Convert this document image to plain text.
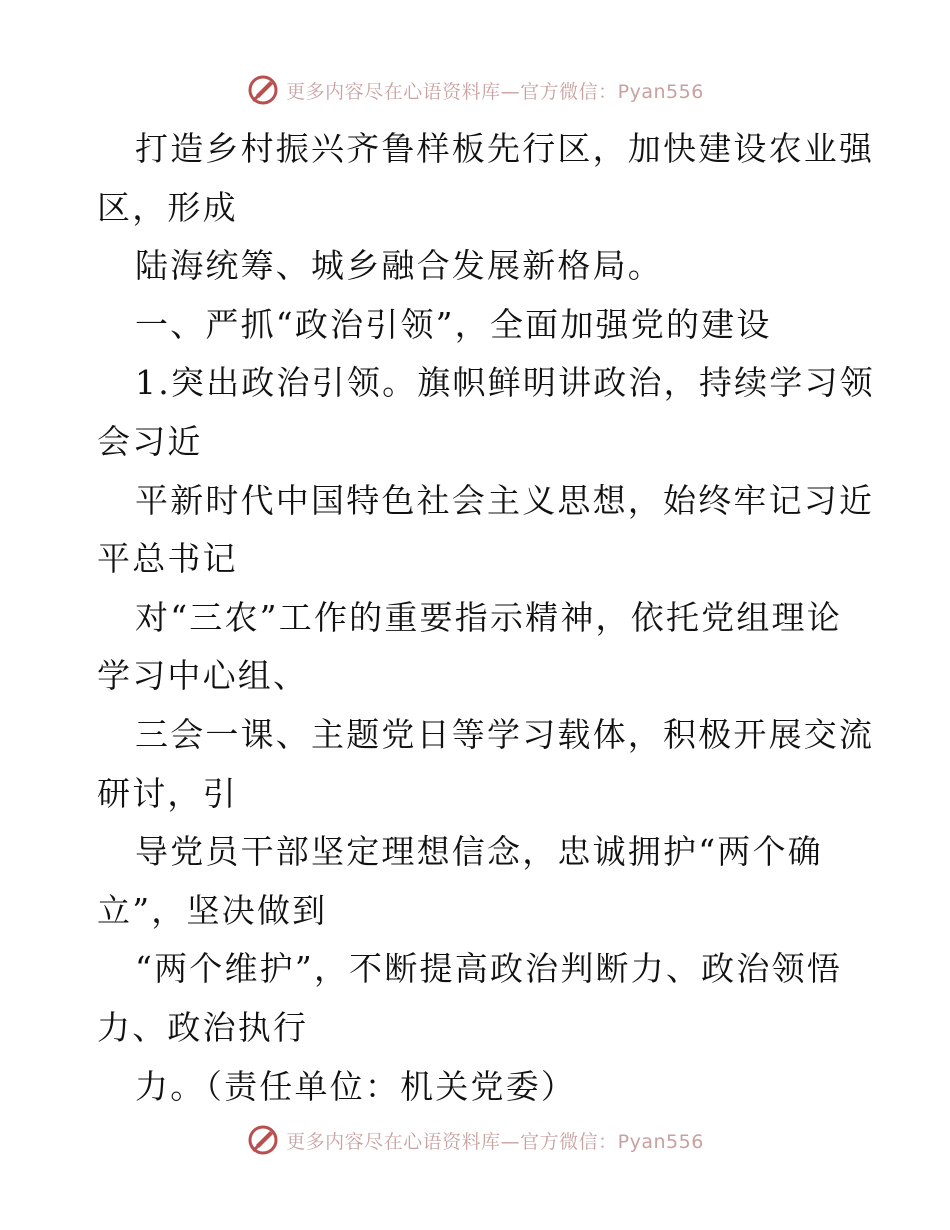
更多内容尽在心语资料库—官方微信：Pyan556
打造乡村振兴齐鲁样板先行区，加快建设农业强
区，形成
陆海统筹、城乡融合发展新格局。
一、严抓“政治引领”，全面加强党的建设
1.突出政治引领。旗帜鲜明讲政治，持续学习领
会习近
平新时代中国特色社会主义思想，始终牢记习近
平总书记
对“三农”工作的重要指示精神，依托党组理论
学习中心组、
三会一课、主题党日等学习载体，积极开展交流
研讨，引
导党员干部坚定理想信念，忠诚拥护“两个确
立”，坚决做到
“两个维护”，不断提高政治判断力、政治领悟
力、政治执行
力。（责任单位：机关党委）
更多内容尽在心语资料库—官方微信：Pyan556
